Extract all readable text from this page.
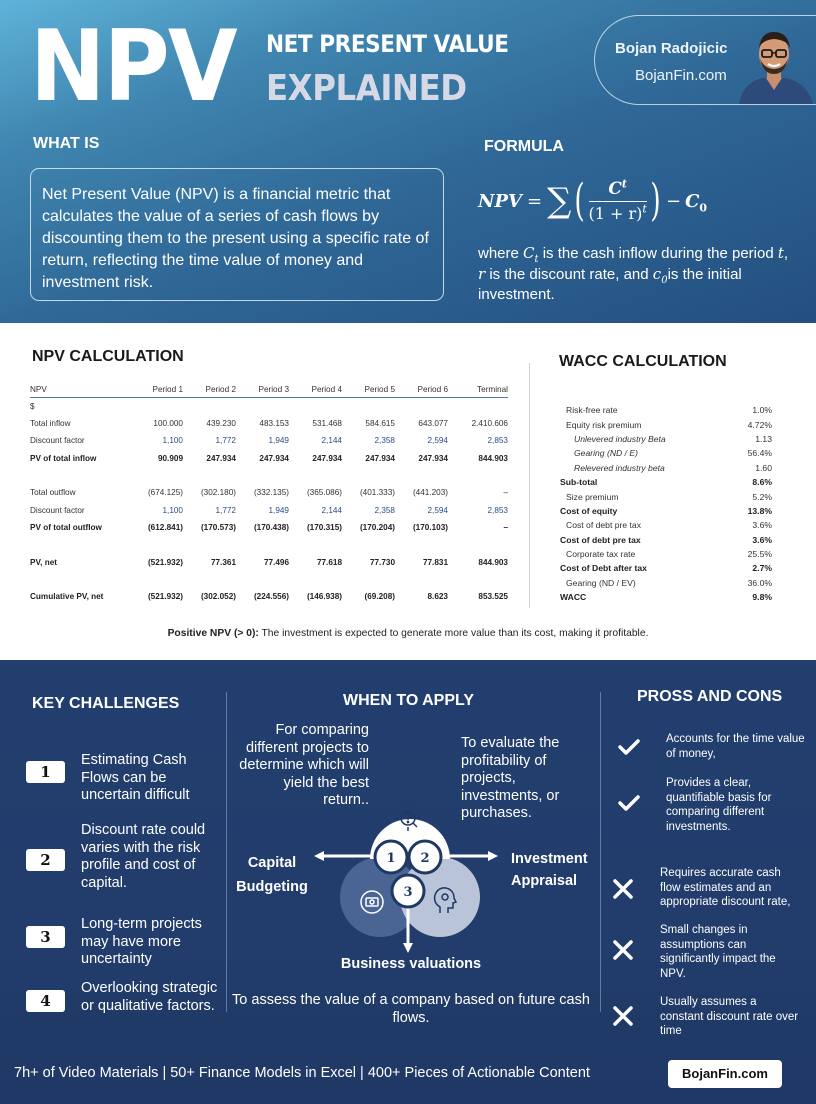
NPV NET PRESENT VALUE
EXPLAINED
Bojan Radojicic
BojanFin.com
WHAT IS
Net Present Value (NPV) is a financial metric that calculates the value of a series of cash flows by discounting them to the present using a specific rate of return, reflecting the time value of money and investment risk.
FORMULA
NPV = ∑ ( $\frac{C^t}{(1 + r)^t}$ ) − $C_0$
where $C_t$ is the cash inflow during the period t, r is the discount rate, and $c_0is$ the initial investment.
NPV CALCULATION
NPV	Period 1	Period 2	Period 3	Period 4	Period 5	Period 6	Terminal
$							
Total inflow	100.000	439.230	483.153	531.468	584.615	643.077	2.410.606
Discount factor	1,100	1,772	1,949	2,144	2,358	2,594	2,853
PV of total inflow	90.909	247.934	247.934	247.934	247.934	247.934	844.903

Total outflow	(674.125)	(302.180)	(332.135)	(365.086)	(401.333)	(441.203)	–
Discount factor	1,100	1,772	1,949	2,144	2,358	2,594	2,853
PV of total outflow	(612.841)	(170.573)	(170.438)	(170.315)	(170.204)	(170.103)	–

PV, net	(521.932)	77.361	77.496	77.618	77.730	77.831	844.903

Cumulative PV, net	(521.932)	(302.052)	(224.556)	(146.938)	(69.208)	8.623	853.525
WACC CALCULATION
Risk-free rate	1.0%
Equity risk premium	4.72%
Unlevered industry Beta	1.13
Gearing (ND / E)	56.4%
Relevered industry beta	1.60
Sub-total	8.6%
Size premium	5.2%
Cost of equity	13.8%
Cost of debt pre tax	3.6%
Cost of debt pre tax	3.6%
Corporate tax rate	25.5%
Cost of Debt after tax	2.7%
Gearing (ND / EV)	36.0%
WACC	9.8%
Positive NPV (> 0): The investment is expected to generate more value than its cost, making it profitable.
KEY CHALLENGES
1
Estimating Cash Flows can be uncertain difficult
2
Discount rate could varies with the risk profile and cost of capital.
3
Long-term projects may have more uncertainty
4
Overlooking strategic or qualitative factors.
WHEN TO APPLY
For comparing different projects to determine which will yield the best return..
To evaluate the profitability of projects, investments, or purchases.
Capital Budgeting
Investment Appraisal
Business valuations
To assess the value of a company based on future cash flows.
1 2
3
PROSS AND CONS
Accounts for the time value of money,
Provides a clear, quantifiable basis for comparing different investments.
Requires accurate cash flow estimates and an appropriate discount rate,
Small changes in assumptions can significantly impact the NPV.
Usually assumes a constant discount rate over time
7h+ of Video Materials | 50+ Finance Models in Excel | 400+ Pieces of Actionable Content	BojanFin.com
